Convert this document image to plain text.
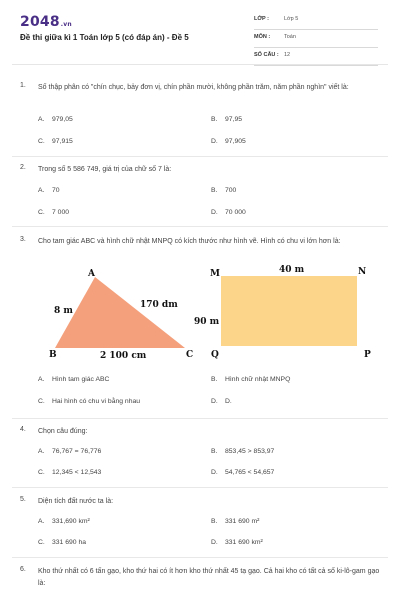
2048.vn
Đề thi giữa kì 1 Toán lớp 5 (có đáp án) - Đề 5
LỚP :	Lớp 5
MÔN :	Toán
SỐ CÂU : 12
1. Số thập phân có "chín chục, bảy đơn vị, chín phần mười, không phần trăm, năm phần nghìn" viết là:
A. 979,05	B. 97,95
C. 97,915	D. 97,905
2. Trong số 5 586 749, giá trị của chữ số 7 là:
A. 70	B. 700
C. 7 000	D. 70 000
3. Cho tam giác ABC và hình chữ nhật MNPQ có kích thước như hình vẽ. Hình có chu vi lớn hơn là:
A. Hình tam giác ABC	B. Hình chữ nhật MNPQ
C. Hai hình có chu vi bằng nhau	D. D.
A
B	C
8 m
170 dm
2 100 cm
M	N
P
Q
40 m
90 m
4. Chọn câu đúng:
A. 76,767 = 76,776	B. 853,45 > 853,97
C. 12,345 < 12,543	D. 54,765 < 54,657
5. Diện tích đất nước ta là:
A. 331,690 km²	B. 331 690 m²
C. 331 690 ha	D. 331 690 km²
6. Kho thứ nhất có 6 tấn gạo, kho thứ hai có ít hơn kho thứ nhất 45 tạ gạo. Cả hai kho có tất cả số ki-lô-gam gạo là:
